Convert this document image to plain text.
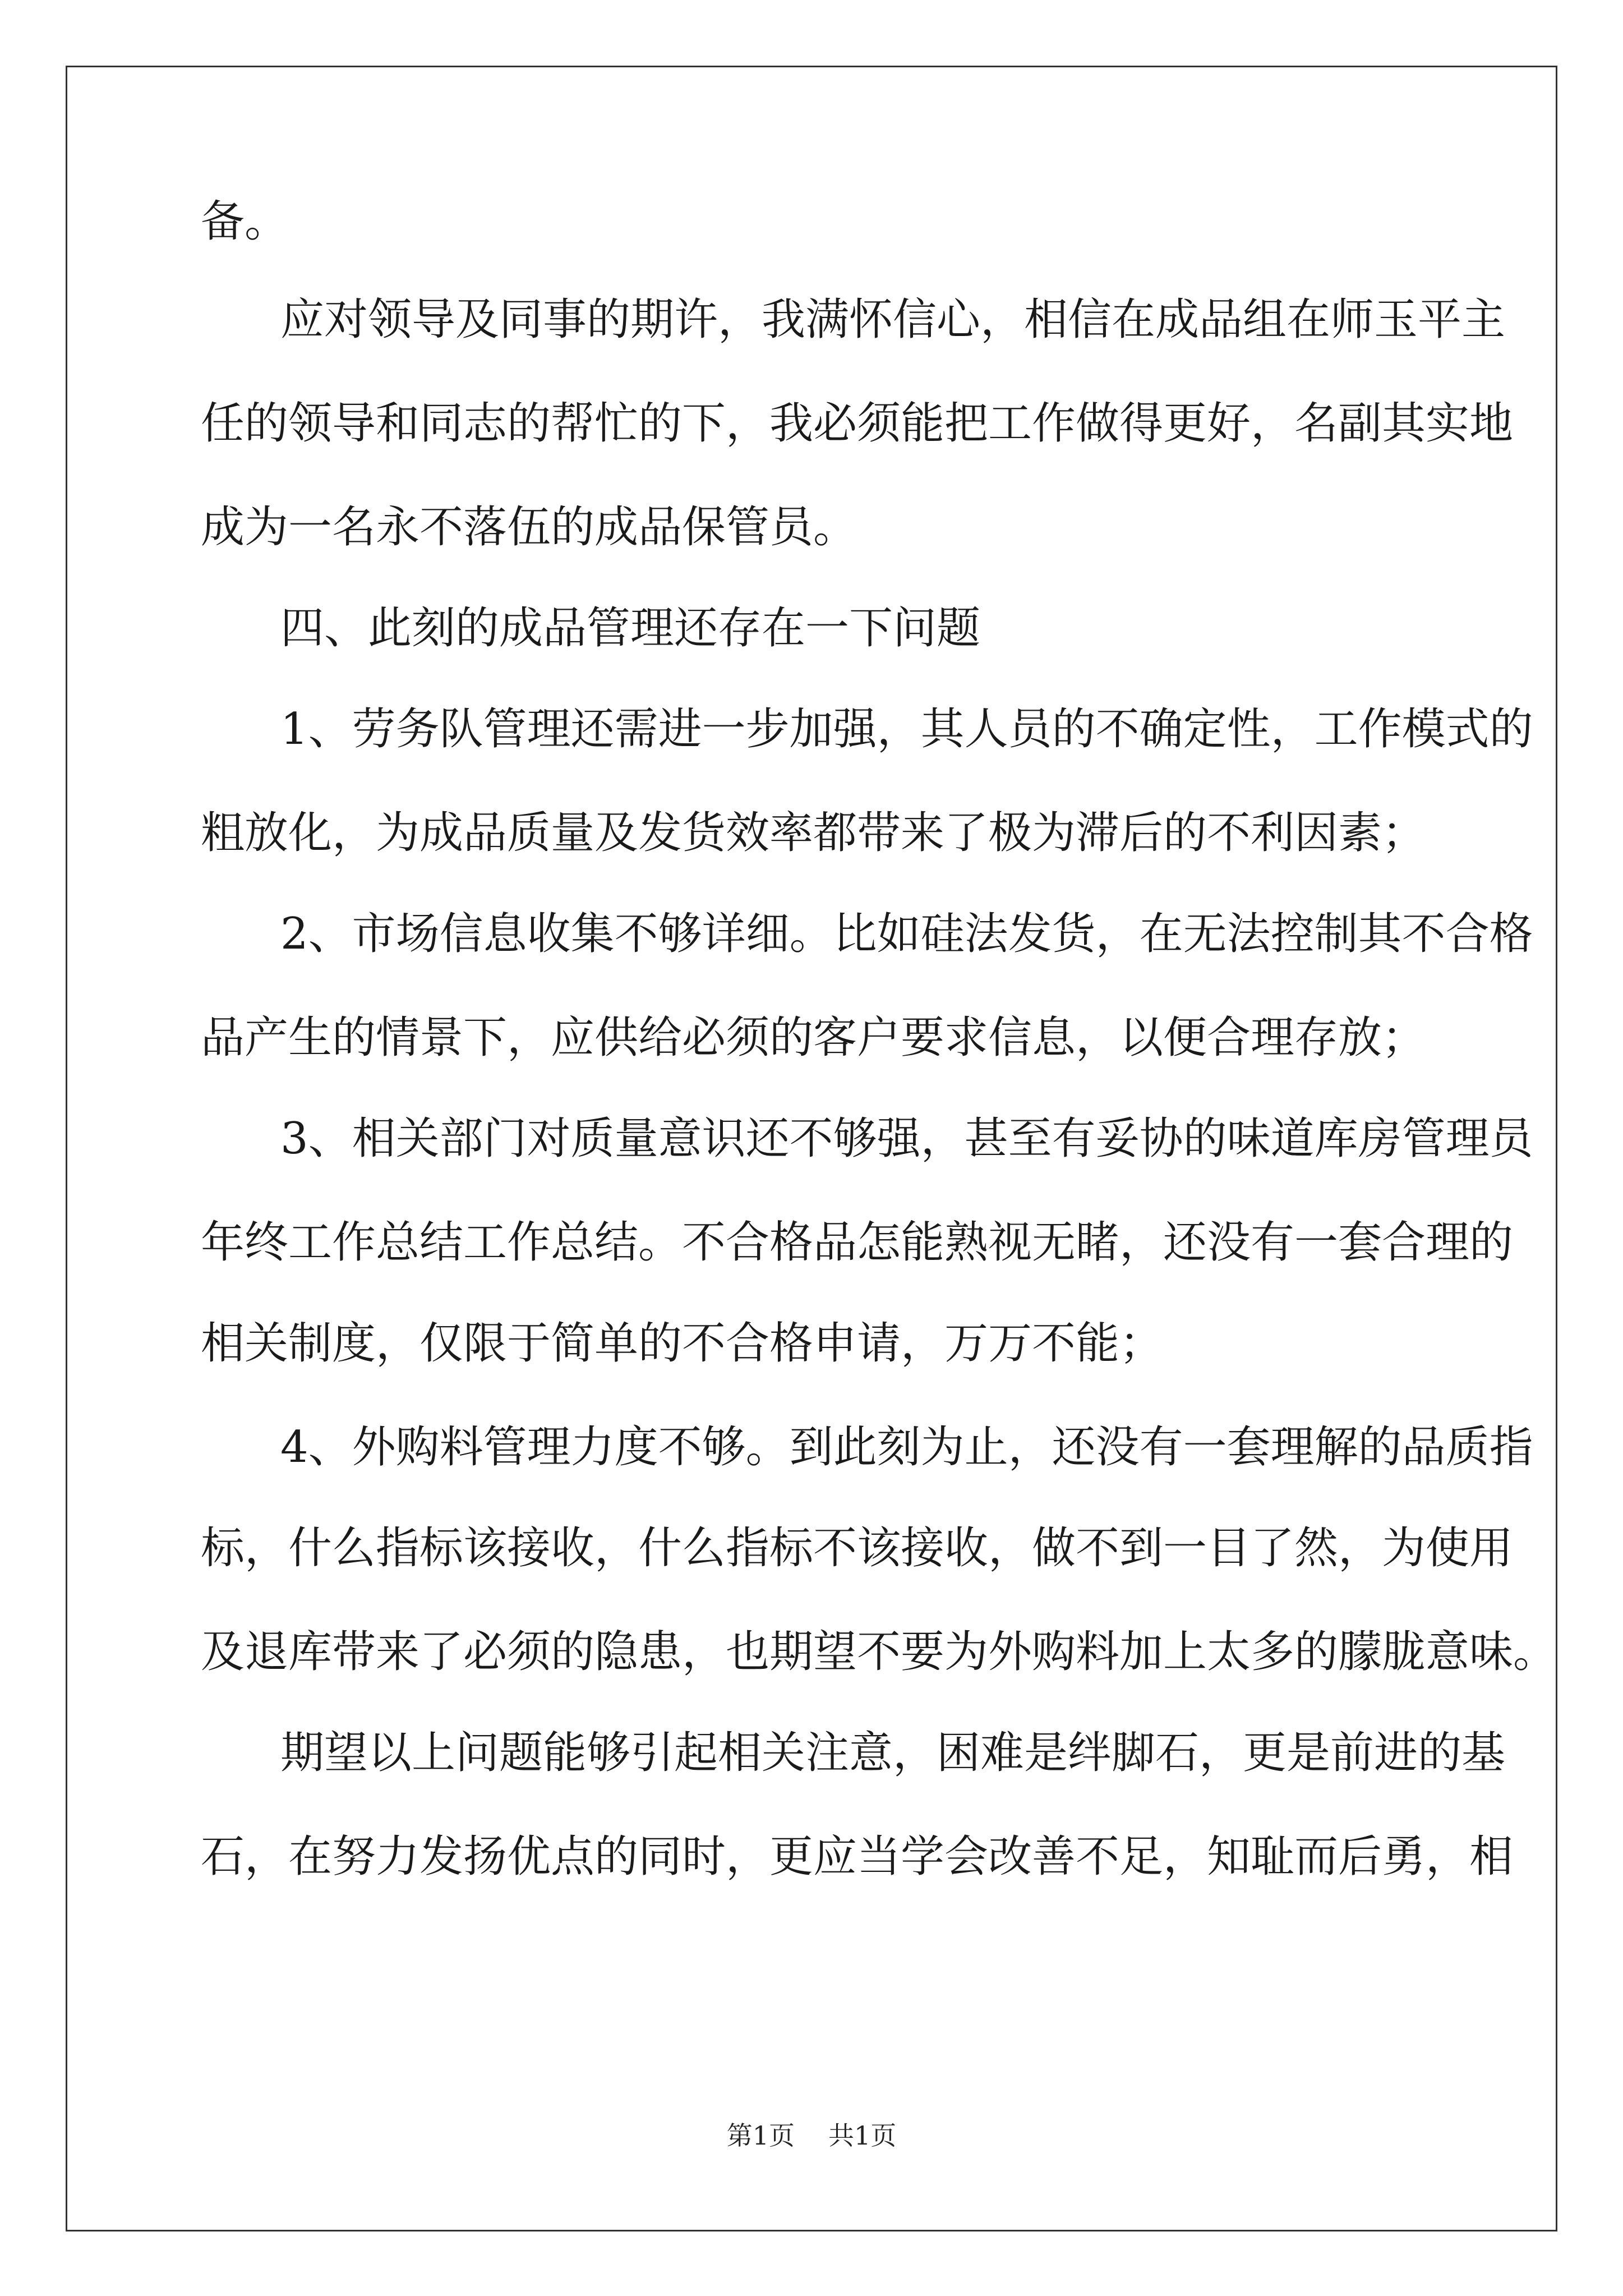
备。

应对领导及同事的期许，我满怀信心，相信在成品组在师玉平主

任的领导和同志的帮忙的下，我必须能把工作做得更好，名副其实地

成为一名永不落伍的成品保管员。

四、此刻的成品管理还存在一下问题

1、劳务队管理还需进一步加强，其人员的不确定性，工作模式的

粗放化，为成品质量及发货效率都带来了极为滞后的不利因素；

2、市场信息收集不够详细。比如硅法发货，在无法控制其不合格

品产生的情景下，应供给必须的客户要求信息，以便合理存放；

3、相关部门对质量意识还不够强，甚至有妥协的味道库房管理员

年终工作总结工作总结。不合格品怎能熟视无睹，还没有一套合理的

相关制度，仅限于简单的不合格申请，万万不能；

4、外购料管理力度不够。到此刻为止，还没有一套理解的品质指

标，什么指标该接收，什么指标不该接收，做不到一目了然，为使用

及退库带来了必须的隐患，也期望不要为外购料加上太多的朦胧意味。

期望以上问题能够引起相关注意，困难是绊脚石，更是前进的基

石，在努力发扬优点的同时，更应当学会改善不足，知耻而后勇，相

第1页 共1页
